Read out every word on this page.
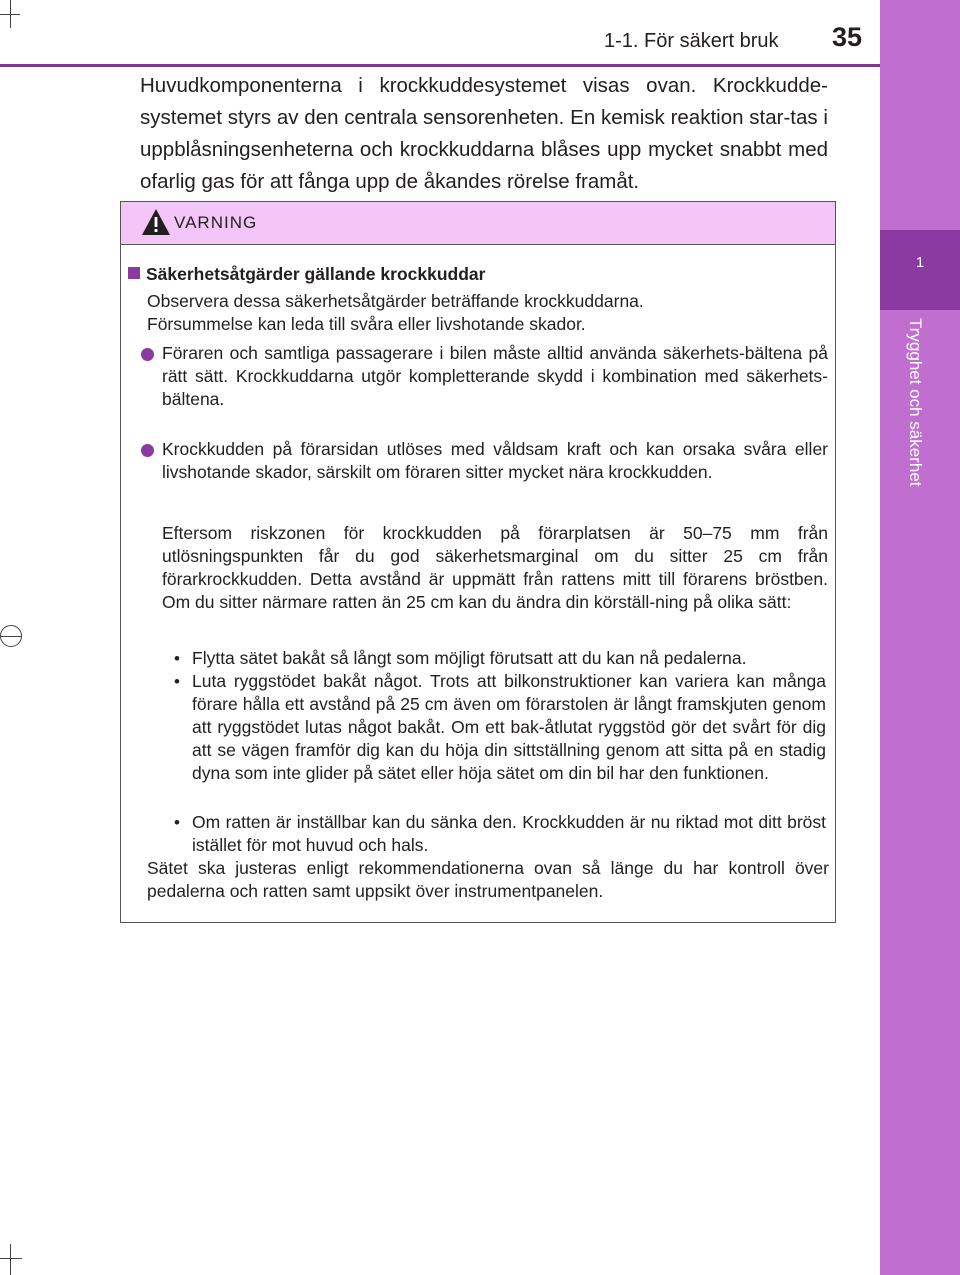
1
Trygghet och säkerhet
1-1. För säkert bruk 35
Huvudkomponenterna i krockkuddesystemet visas ovan. Krockkudde-systemet styrs av den centrala sensorenheten. En kemisk reaktion star-tas i uppblåsningsenheterna och krockkuddarna blåses upp mycket snabbt med ofarlig gas för att fånga upp de åkandes rörelse framåt.
VARNING
Säkerhetsåtgärder gällande krockkuddar
Observera dessa säkerhetsåtgärder beträffande krockkuddarna. Försummelse kan leda till svåra eller livshotande skador.
Föraren och samtliga passagerare i bilen måste alltid använda säkerhets-bältena på rätt sätt. Krockkuddarna utgör kompletterande skydd i kombination med säkerhets-bältena.
Krockkudden på förarsidan utlöses med våldsam kraft och kan orsaka svåra eller livshotande skador, särskilt om föraren sitter mycket nära krockkudden.
Eftersom riskzonen för krockkudden på förarplatsen är 50–75 mm från utlösningspunkten får du god säkerhetsmarginal om du sitter 25 cm från förarkrockkudden. Detta avstånd är uppmätt från rattens mitt till förarens bröstben. Om du sitter närmare ratten än 25 cm kan du ändra din körställ-ning på olika sätt:
• Flytta sätet bakåt så långt som möjligt förutsatt att du kan nå pedalerna.
• Luta ryggstödet bakåt något. Trots att bilkonstruktioner kan variera kan många förare hålla ett avstånd på 25 cm även om förarstolen är långt framskjuten genom att ryggstödet lutas något bakåt. Om ett bak-åtlutat ryggstöd gör det svårt för dig att se vägen framför dig kan du höja din sittställning genom att sitta på en stadig dyna som inte glider på sätet eller höja sätet om din bil har den funktionen.
• Om ratten är inställbar kan du sänka den. Krockkudden är nu riktad mot ditt bröst istället för mot huvud och hals.
Sätet ska justeras enligt rekommendationerna ovan så länge du har kontroll över pedalerna och ratten samt uppsikt över instrumentpanelen.
